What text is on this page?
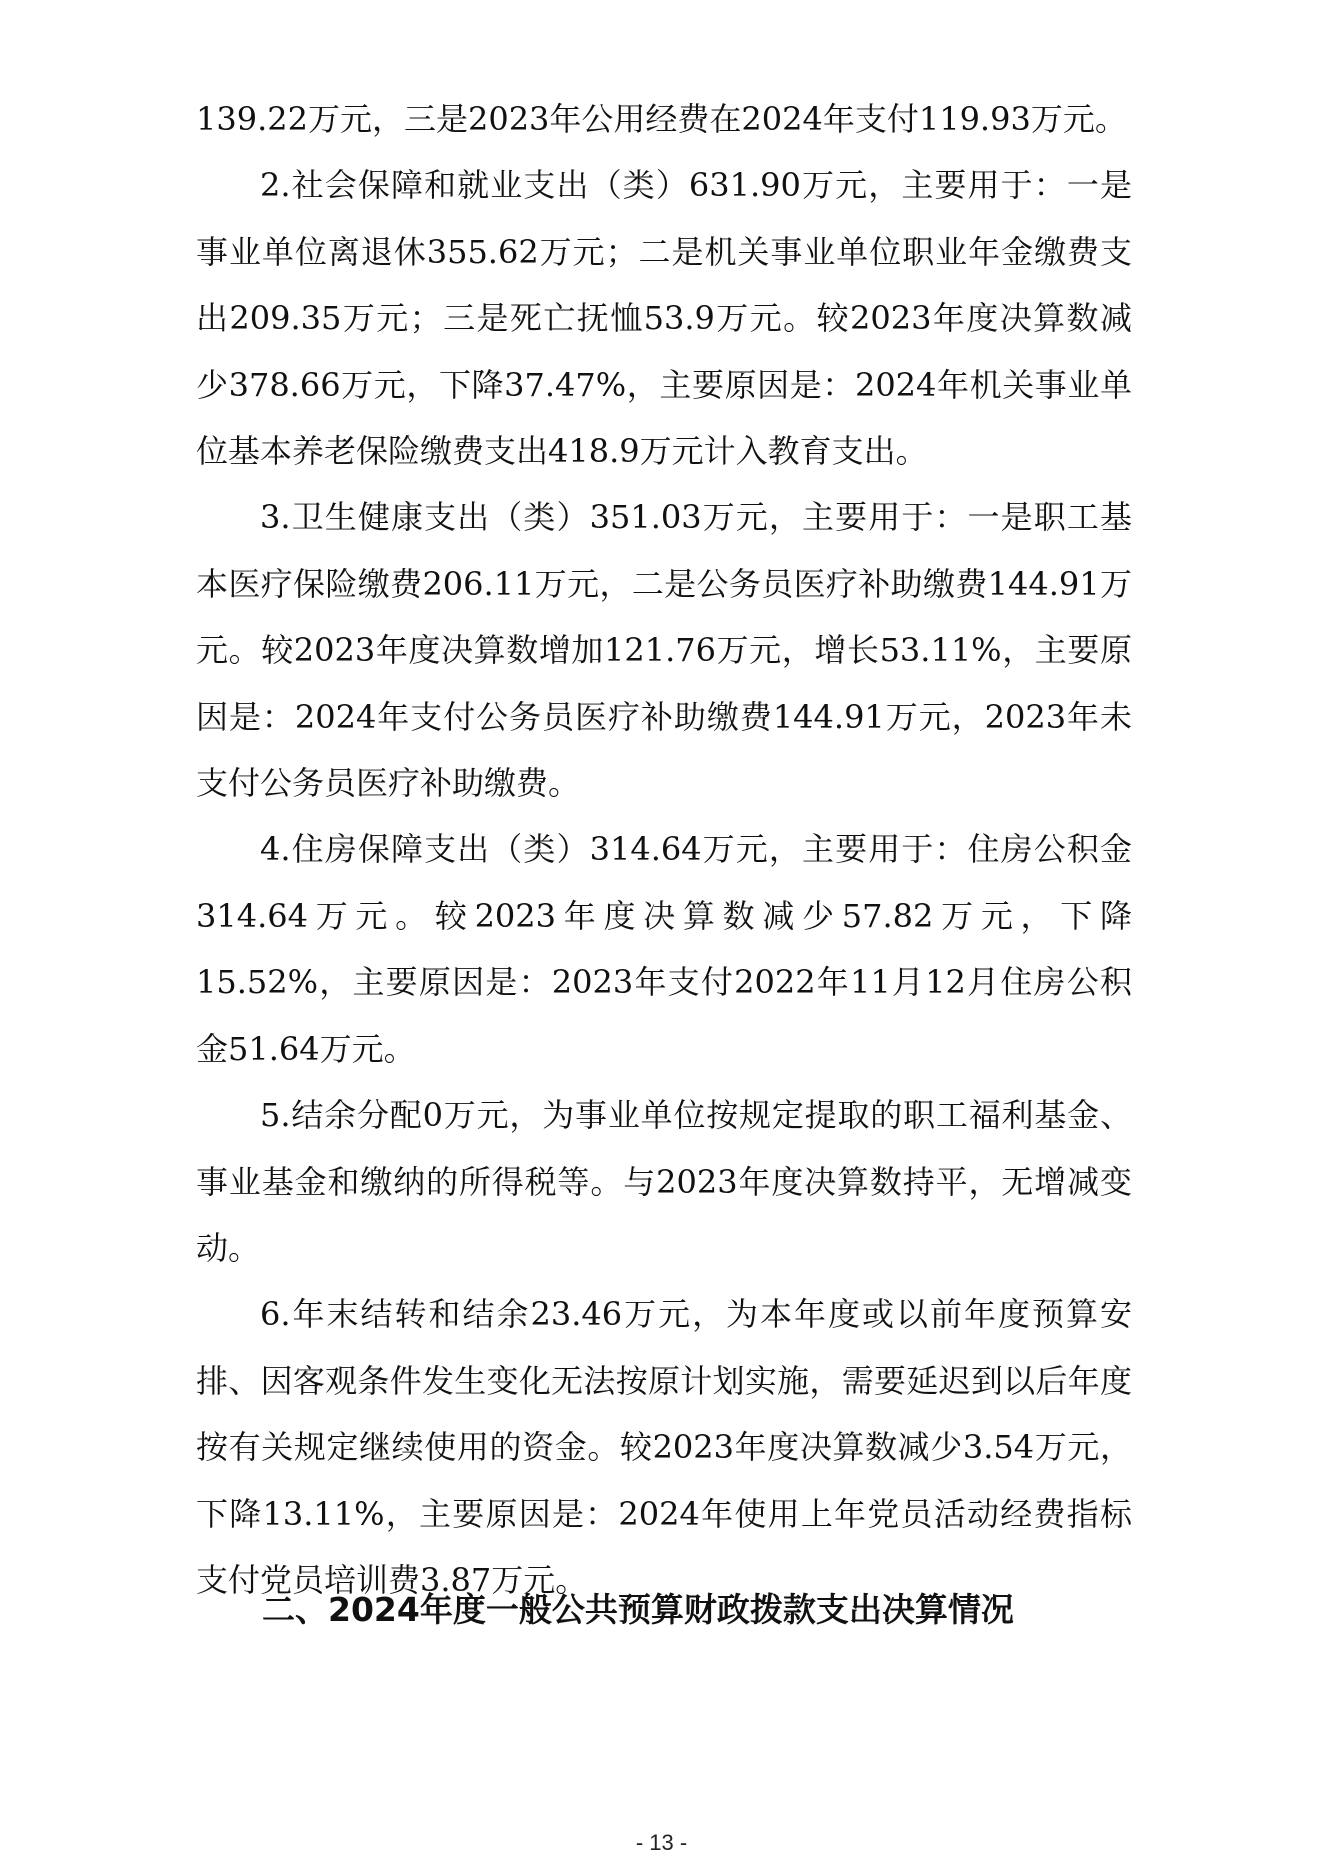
139.22万元，三是2023年公用经费在2024年支付119.93万元。

2.社会保障和就业支出（类）631.90万元，主要用于：一是事业单位离退休355.62万元；二是机关事业单位职业年金缴费支出209.35万元；三是死亡抚恤53.9万元。较2023年度决算数减少378.66万元，下降37.47%，主要原因是：2024年机关事业单位基本养老保险缴费支出418.9万元计入教育支出。

3.卫生健康支出（类）351.03万元，主要用于：一是职工基本医疗保险缴费206.11万元，二是公务员医疗补助缴费144.91万元。较2023年度决算数增加121.76万元，增长53.11%，主要原因是：2024年支付公务员医疗补助缴费144.91万元，2023年未支付公务员医疗补助缴费。

4.住房保障支出（类）314.64万元，主要用于：住房公积金314.64万元。较2023年度决算数减少57.82万元，下降15.52%，主要原因是：2023年支付2022年11月12月住房公积金51.64万元。

5.结余分配0万元，为事业单位按规定提取的职工福利基金、事业基金和缴纳的所得税等。与2023年度决算数持平，无增减变动。

6.年末结转和结余23.46万元，为本年度或以前年度预算安排、因客观条件发生变化无法按原计划实施，需要延迟到以后年度按有关规定继续使用的资金。较2023年度决算数减少3.54万元，下降13.11%，主要原因是：2024年使用上年党员活动经费指标支付党员培训费3.87万元。

二、2024年度一般公共预算财政拨款支出决算情况
- 13 -
